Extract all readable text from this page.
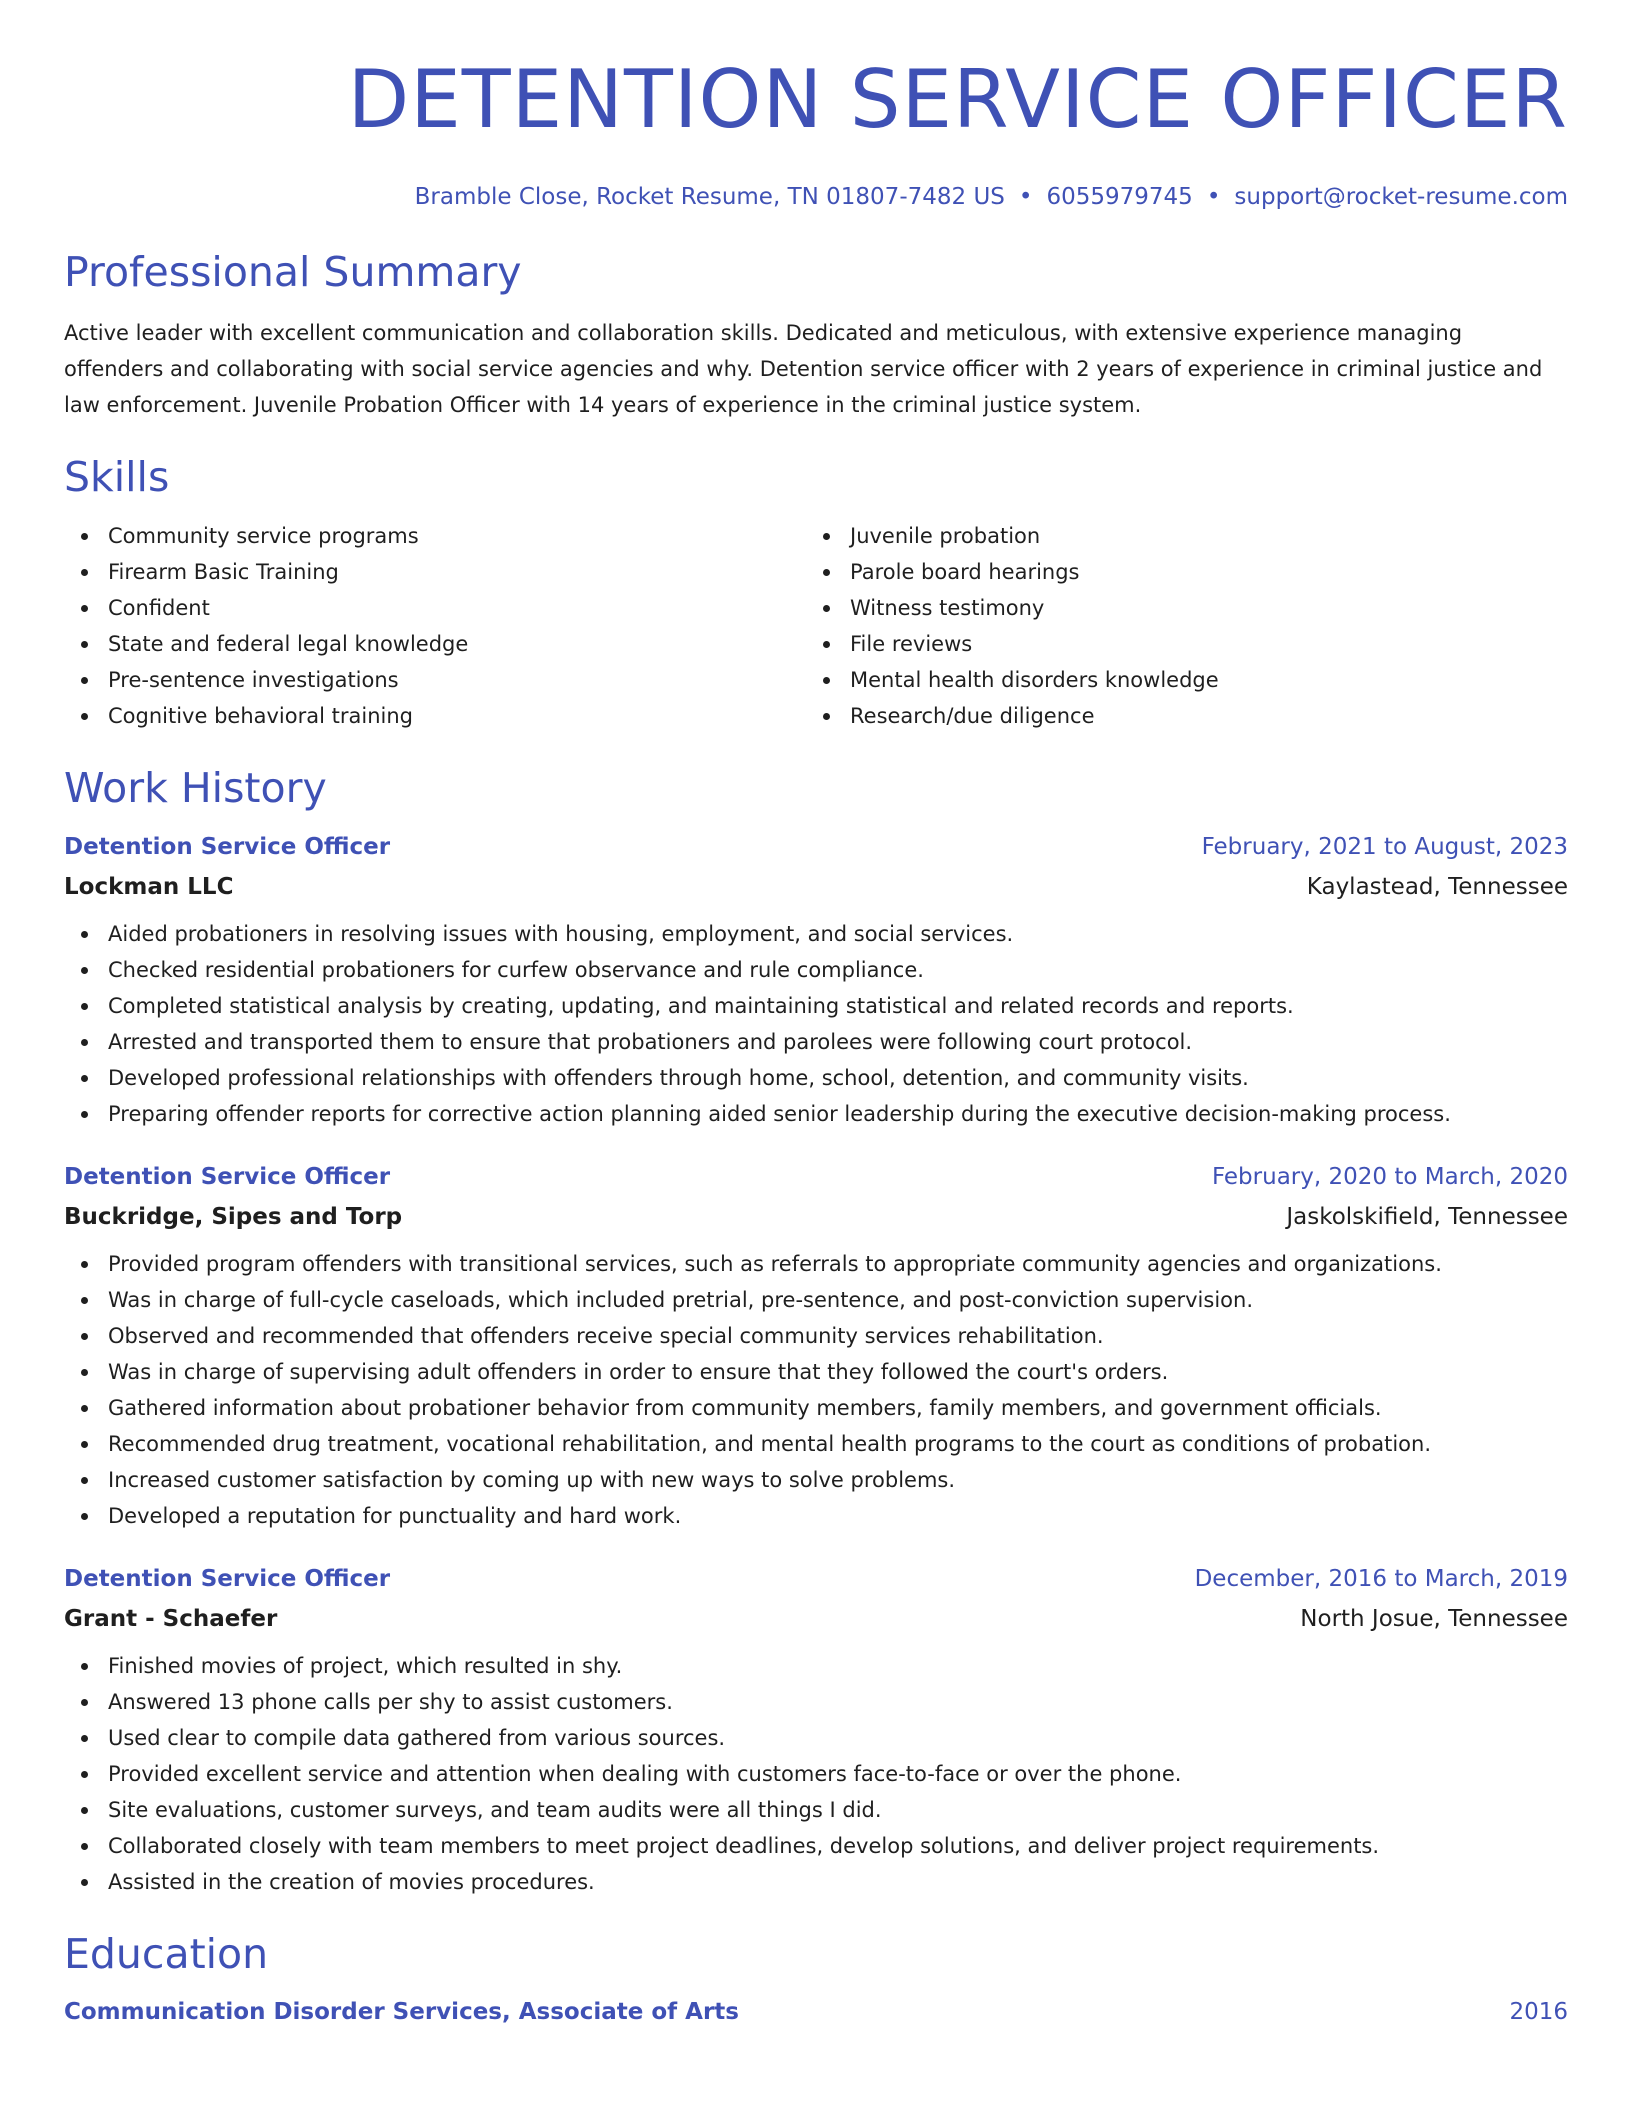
DETENTION SERVICE OFFICER
Bramble Close, Rocket Resume, TN 01807-7482 US • 6055979745 • support@rocket-resume.com
Professional Summary

Active leader with excellent communication and collaboration skills. Dedicated and meticulous, with extensive experience managing offenders and collaborating with social service agencies and why. Detention service officer with 2 years of experience in criminal justice and law enforcement. Juvenile Probation Officer with 14 years of experience in the criminal justice system.

Skills
Community service programs
Firearm Basic Training
Confident
State and federal legal knowledge
Pre-sentence investigations
Cognitive behavioral training
Juvenile probation
Parole board hearings
Witness testimony
File reviews
Mental health disorders knowledge
Research/due diligence
Work History
Detention Service Officer	February, 2021 to August, 2023
Lockman LLC	Kaylastead, Tennessee
Aided probationers in resolving issues with housing, employment, and social services.
Checked residential probationers for curfew observance and rule compliance.
Completed statistical analysis by creating, updating, and maintaining statistical and related records and reports.
Arrested and transported them to ensure that probationers and parolees were following court protocol.
Developed professional relationships with offenders through home, school, detention, and community visits.
Preparing offender reports for corrective action planning aided senior leadership during the executive decision-making process.
Detention Service Officer	February, 2020 to March, 2020
Buckridge, Sipes and Torp	Jaskolskifield, Tennessee
Provided program offenders with transitional services, such as referrals to appropriate community agencies and organizations.
Was in charge of full-cycle caseloads, which included pretrial, pre-sentence, and post-conviction supervision.
Observed and recommended that offenders receive special community services rehabilitation.
Was in charge of supervising adult offenders in order to ensure that they followed the court's orders.
Gathered information about probationer behavior from community members, family members, and government officials.
Recommended drug treatment, vocational rehabilitation, and mental health programs to the court as conditions of probation.
Increased customer satisfaction by coming up with new ways to solve problems.
Developed a reputation for punctuality and hard work.
Detention Service Officer	December, 2016 to March, 2019
Grant - Schaefer	North Josue, Tennessee
Finished movies of project, which resulted in shy.
Answered 13 phone calls per shy to assist customers.
Used clear to compile data gathered from various sources.
Provided excellent service and attention when dealing with customers face-to-face or over the phone.
Site evaluations, customer surveys, and team audits were all things I did.
Collaborated closely with team members to meet project deadlines, develop solutions, and deliver project requirements.
Assisted in the creation of movies procedures.
Education
Communication Disorder Services, Associate of Arts	2016
